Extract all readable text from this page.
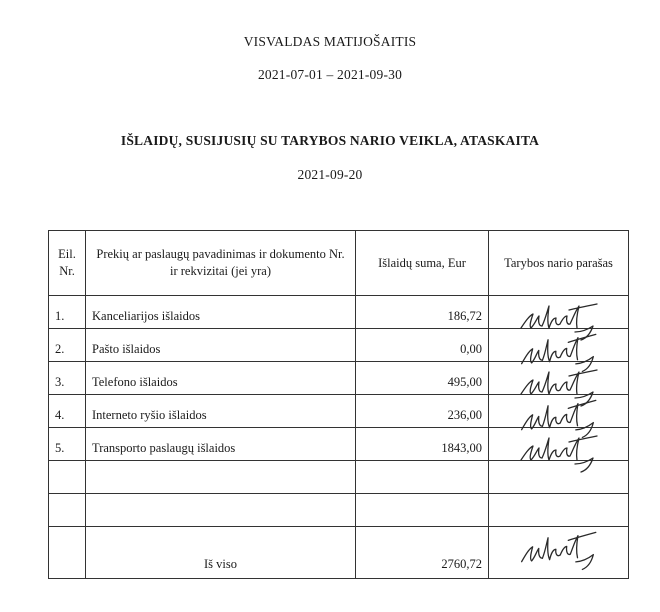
VISVALDAS MATIJOŠAITIS
2021-07-01 – 2021-09-30
IŠLAIDŲ, SUSIJUSIŲ SU TARYBOS NARIO VEIKLA, ATASKAITA
2021-09-20
Eil. Nr.	Prekių ar paslaugų pavadinimas ir dokumento Nr. ir rekvizitai (jei yra)	Išlaidų suma, Eur	Tarybos nario parašas
1.	Kanceliarijos išlaidos	186,72	

2.	Pašto išlaidos	0,00	

3.	Telefono išlaidos	495,00	

4.	Interneto ryšio išlaidos	236,00	

5.	Transporto paslaugų išlaidos	1843,00	

	Iš viso	2760,72	
